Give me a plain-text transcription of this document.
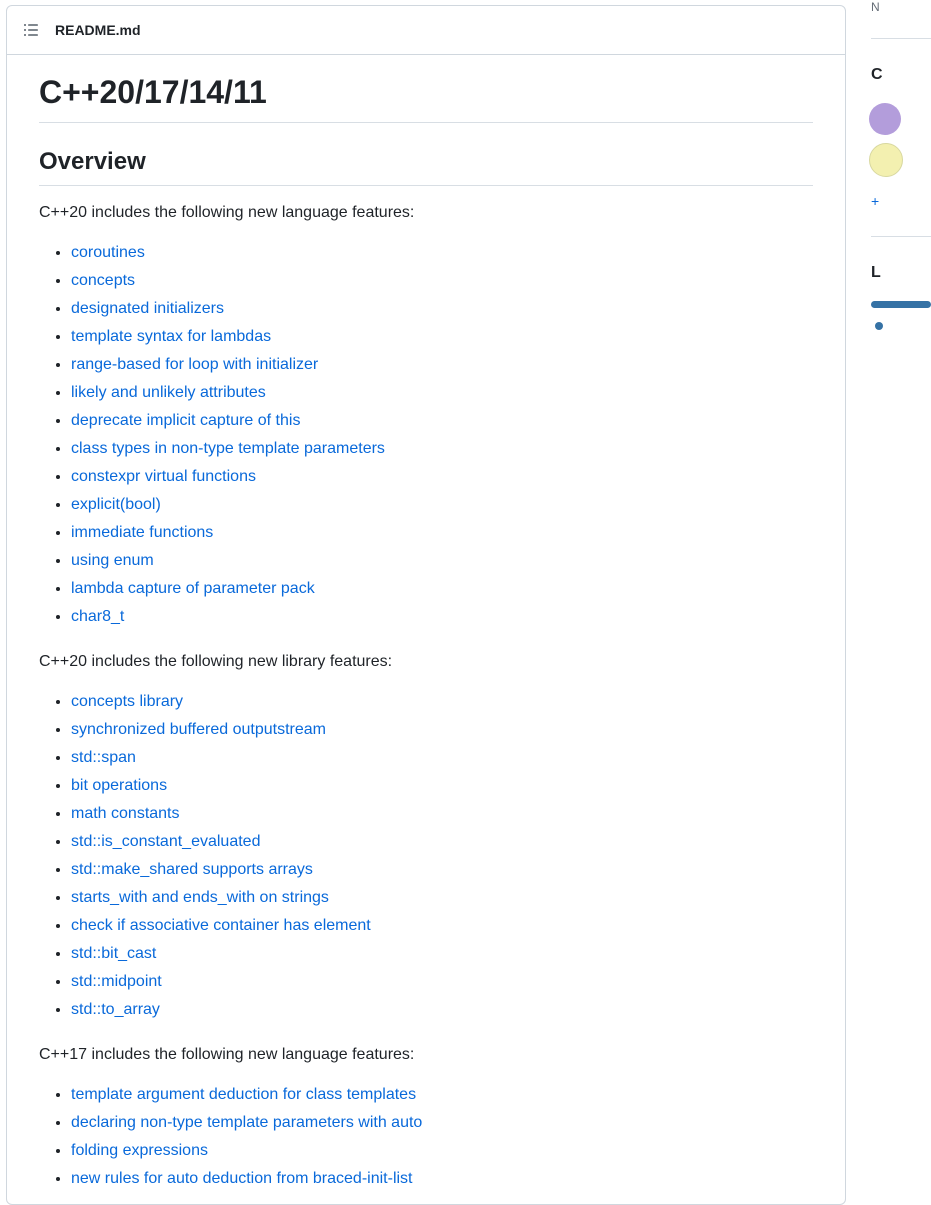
README.md
C++20/17/14/11
Overview

C++20 includes the following new language features:

• coroutines
• concepts
• designated initializers
• template syntax for lambdas
• range-based for loop with initializer
• likely and unlikely attributes
• deprecate implicit capture of this
• class types in non-type template parameters
• constexpr virtual functions
• explicit(bool)
• immediate functions
• using enum
• lambda capture of parameter pack
• char8_t

C++20 includes the following new library features:

• concepts library
• synchronized buffered outputstream
• std::span
• bit operations
• math constants
• std::is_constant_evaluated
• std::make_shared supports arrays
• starts_with and ends_with on strings
• check if associative container has element
• std::bit_cast
• std::midpoint
• std::to_array

C++17 includes the following new language features:

• template argument deduction for class templates
• declaring non-type template parameters with auto
• folding expressions
• new rules for auto deduction from braced-init-list
N
C
+
L
